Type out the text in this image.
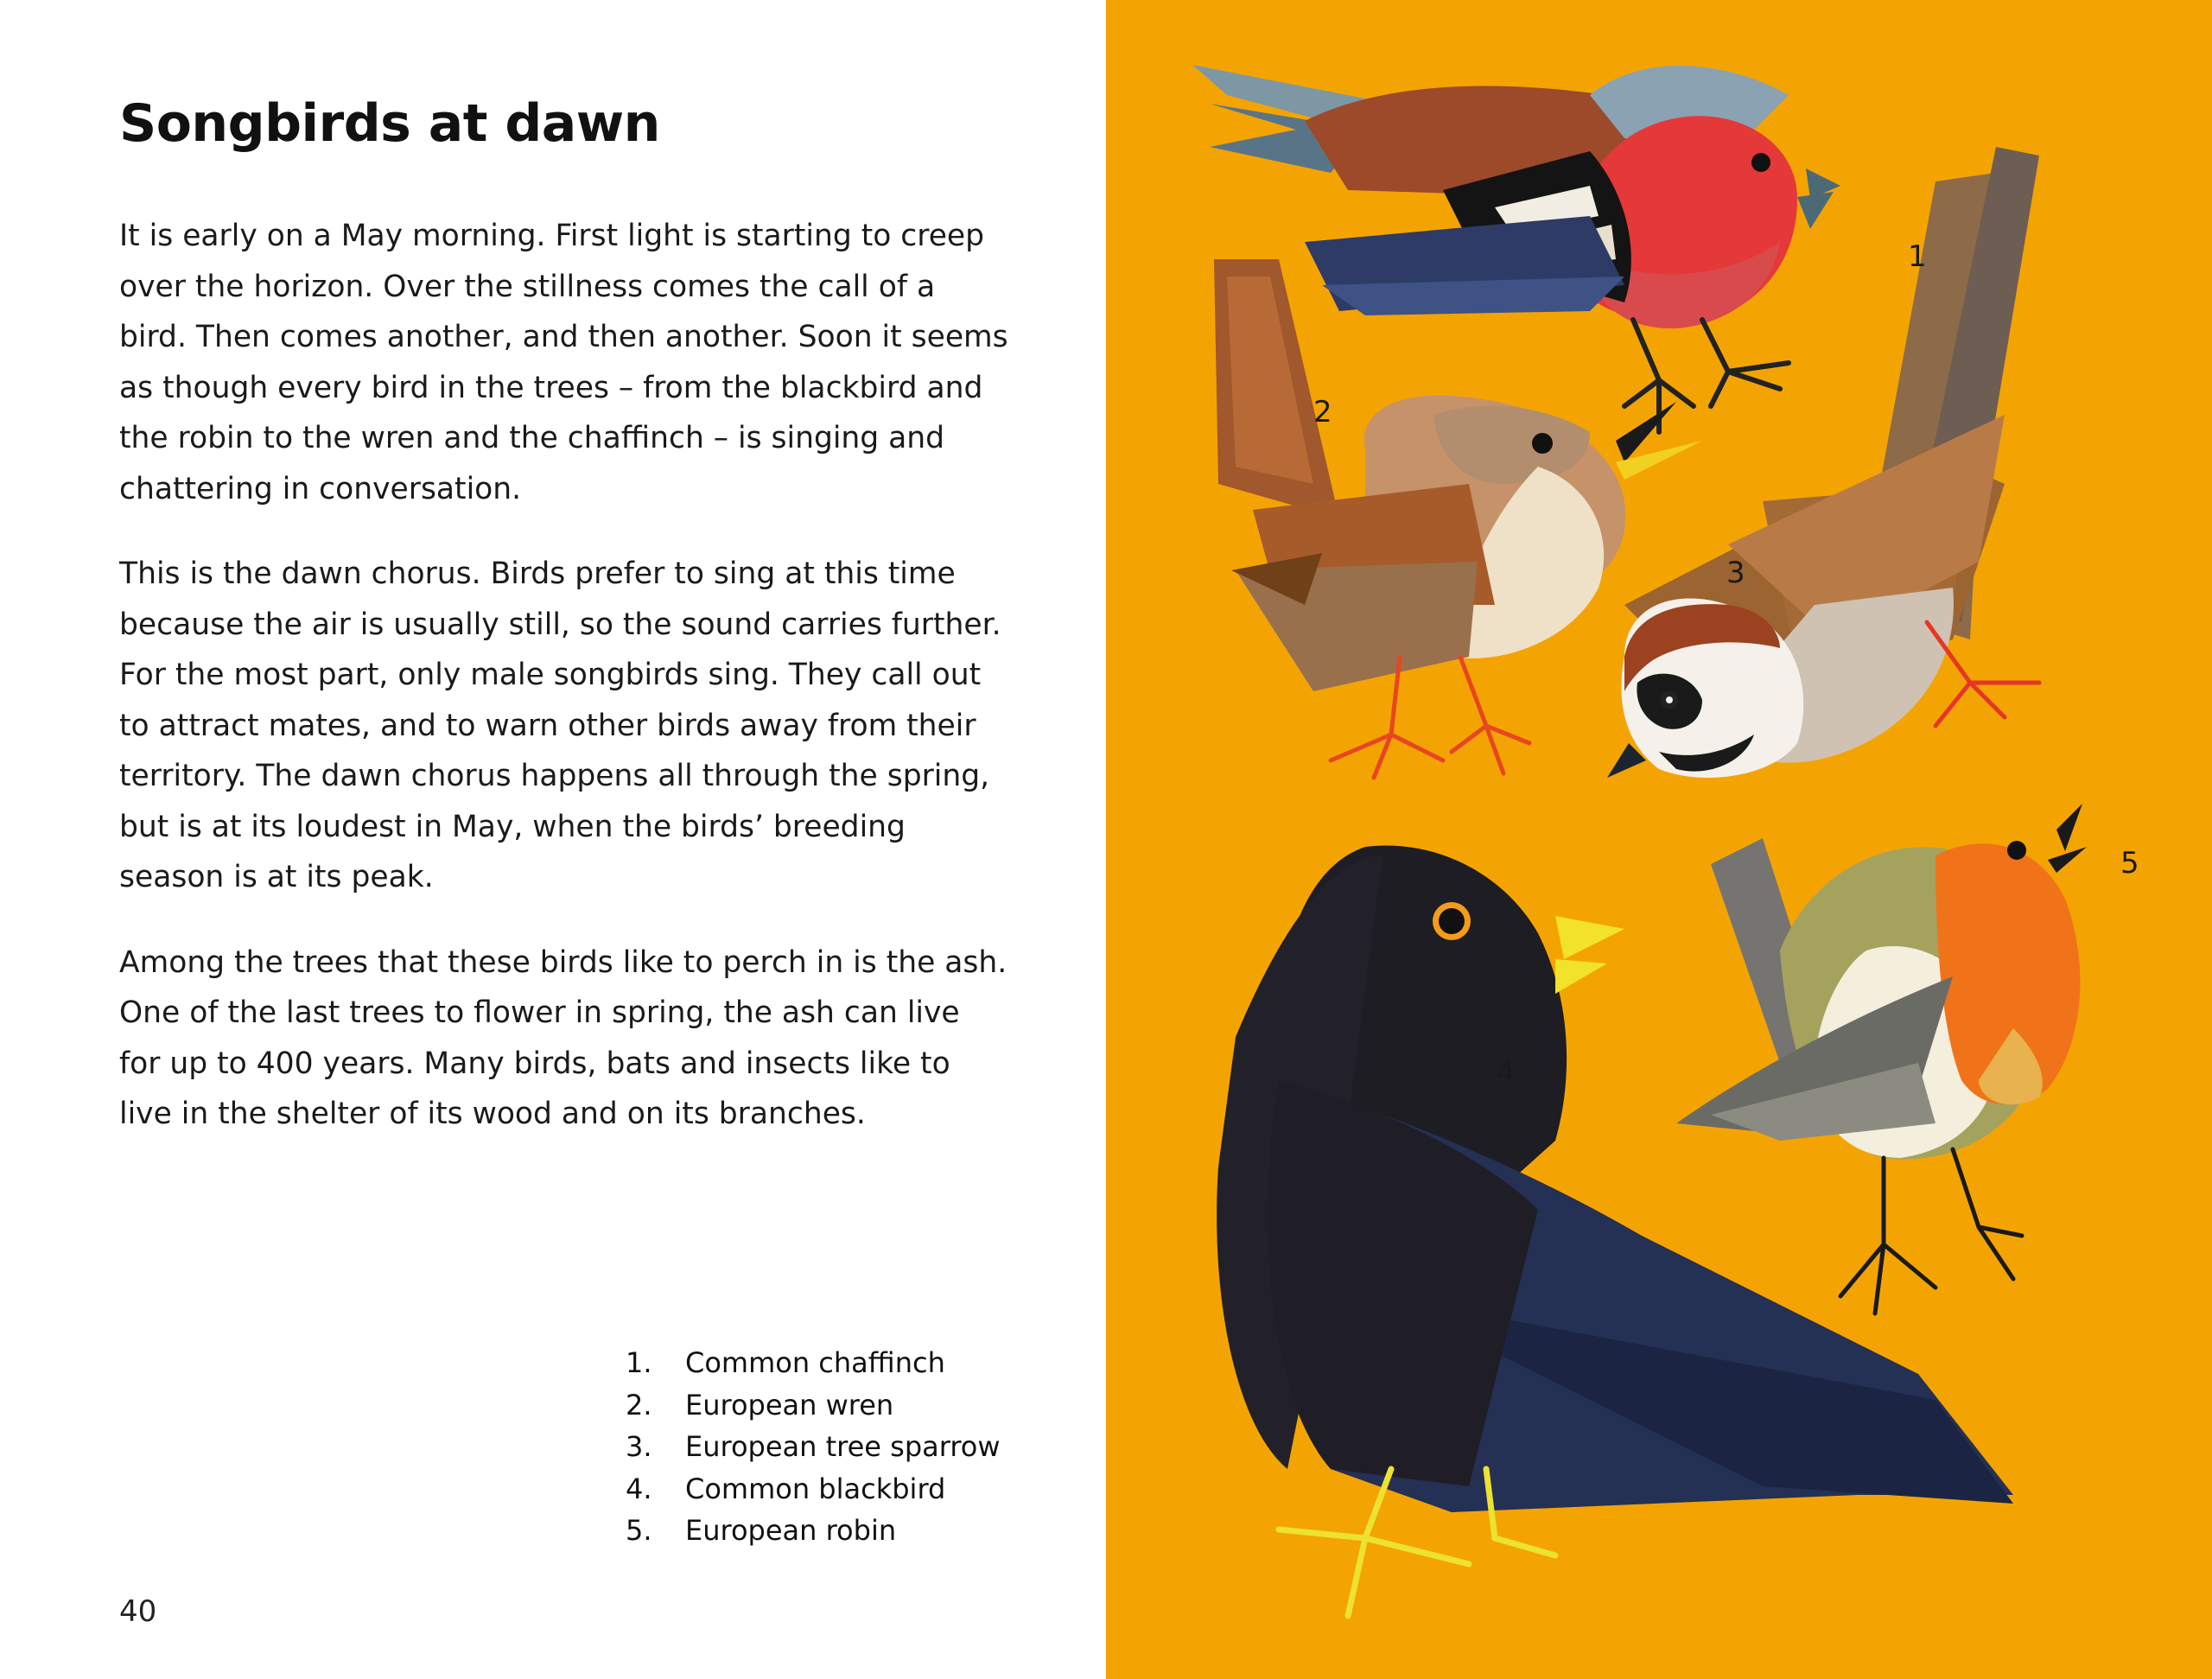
Songbirds at dawn

It is early on a May morning. First light is starting to creep over the horizon. Over the stillness comes the call of a bird. Then comes another, and then another. Soon it seems as though every bird in the trees – from the blackbird and the robin to the wren and the chaffinch – is singing and chattering in conversation.

This is the dawn chorus. Birds prefer to sing at this time because the air is usually still, so the sound carries further. For the most part, only male songbirds sing. They call out to attract mates, and to warn other birds away from their territory. The dawn chorus happens all through the spring, but is at its loudest in May, when the birds’ breeding season is at its peak.

Among the trees that these birds like to perch in is the ash. One of the last trees to flower in spring, the ash can live for up to 400 years. Many birds, bats and insects like to live in the shelter of its wood and on its branches.

1.	Common chaffinch
2.	European wren
3.	European tree sparrow
4.	Common blackbird
5.	European robin
40
1
2
3
4
5
